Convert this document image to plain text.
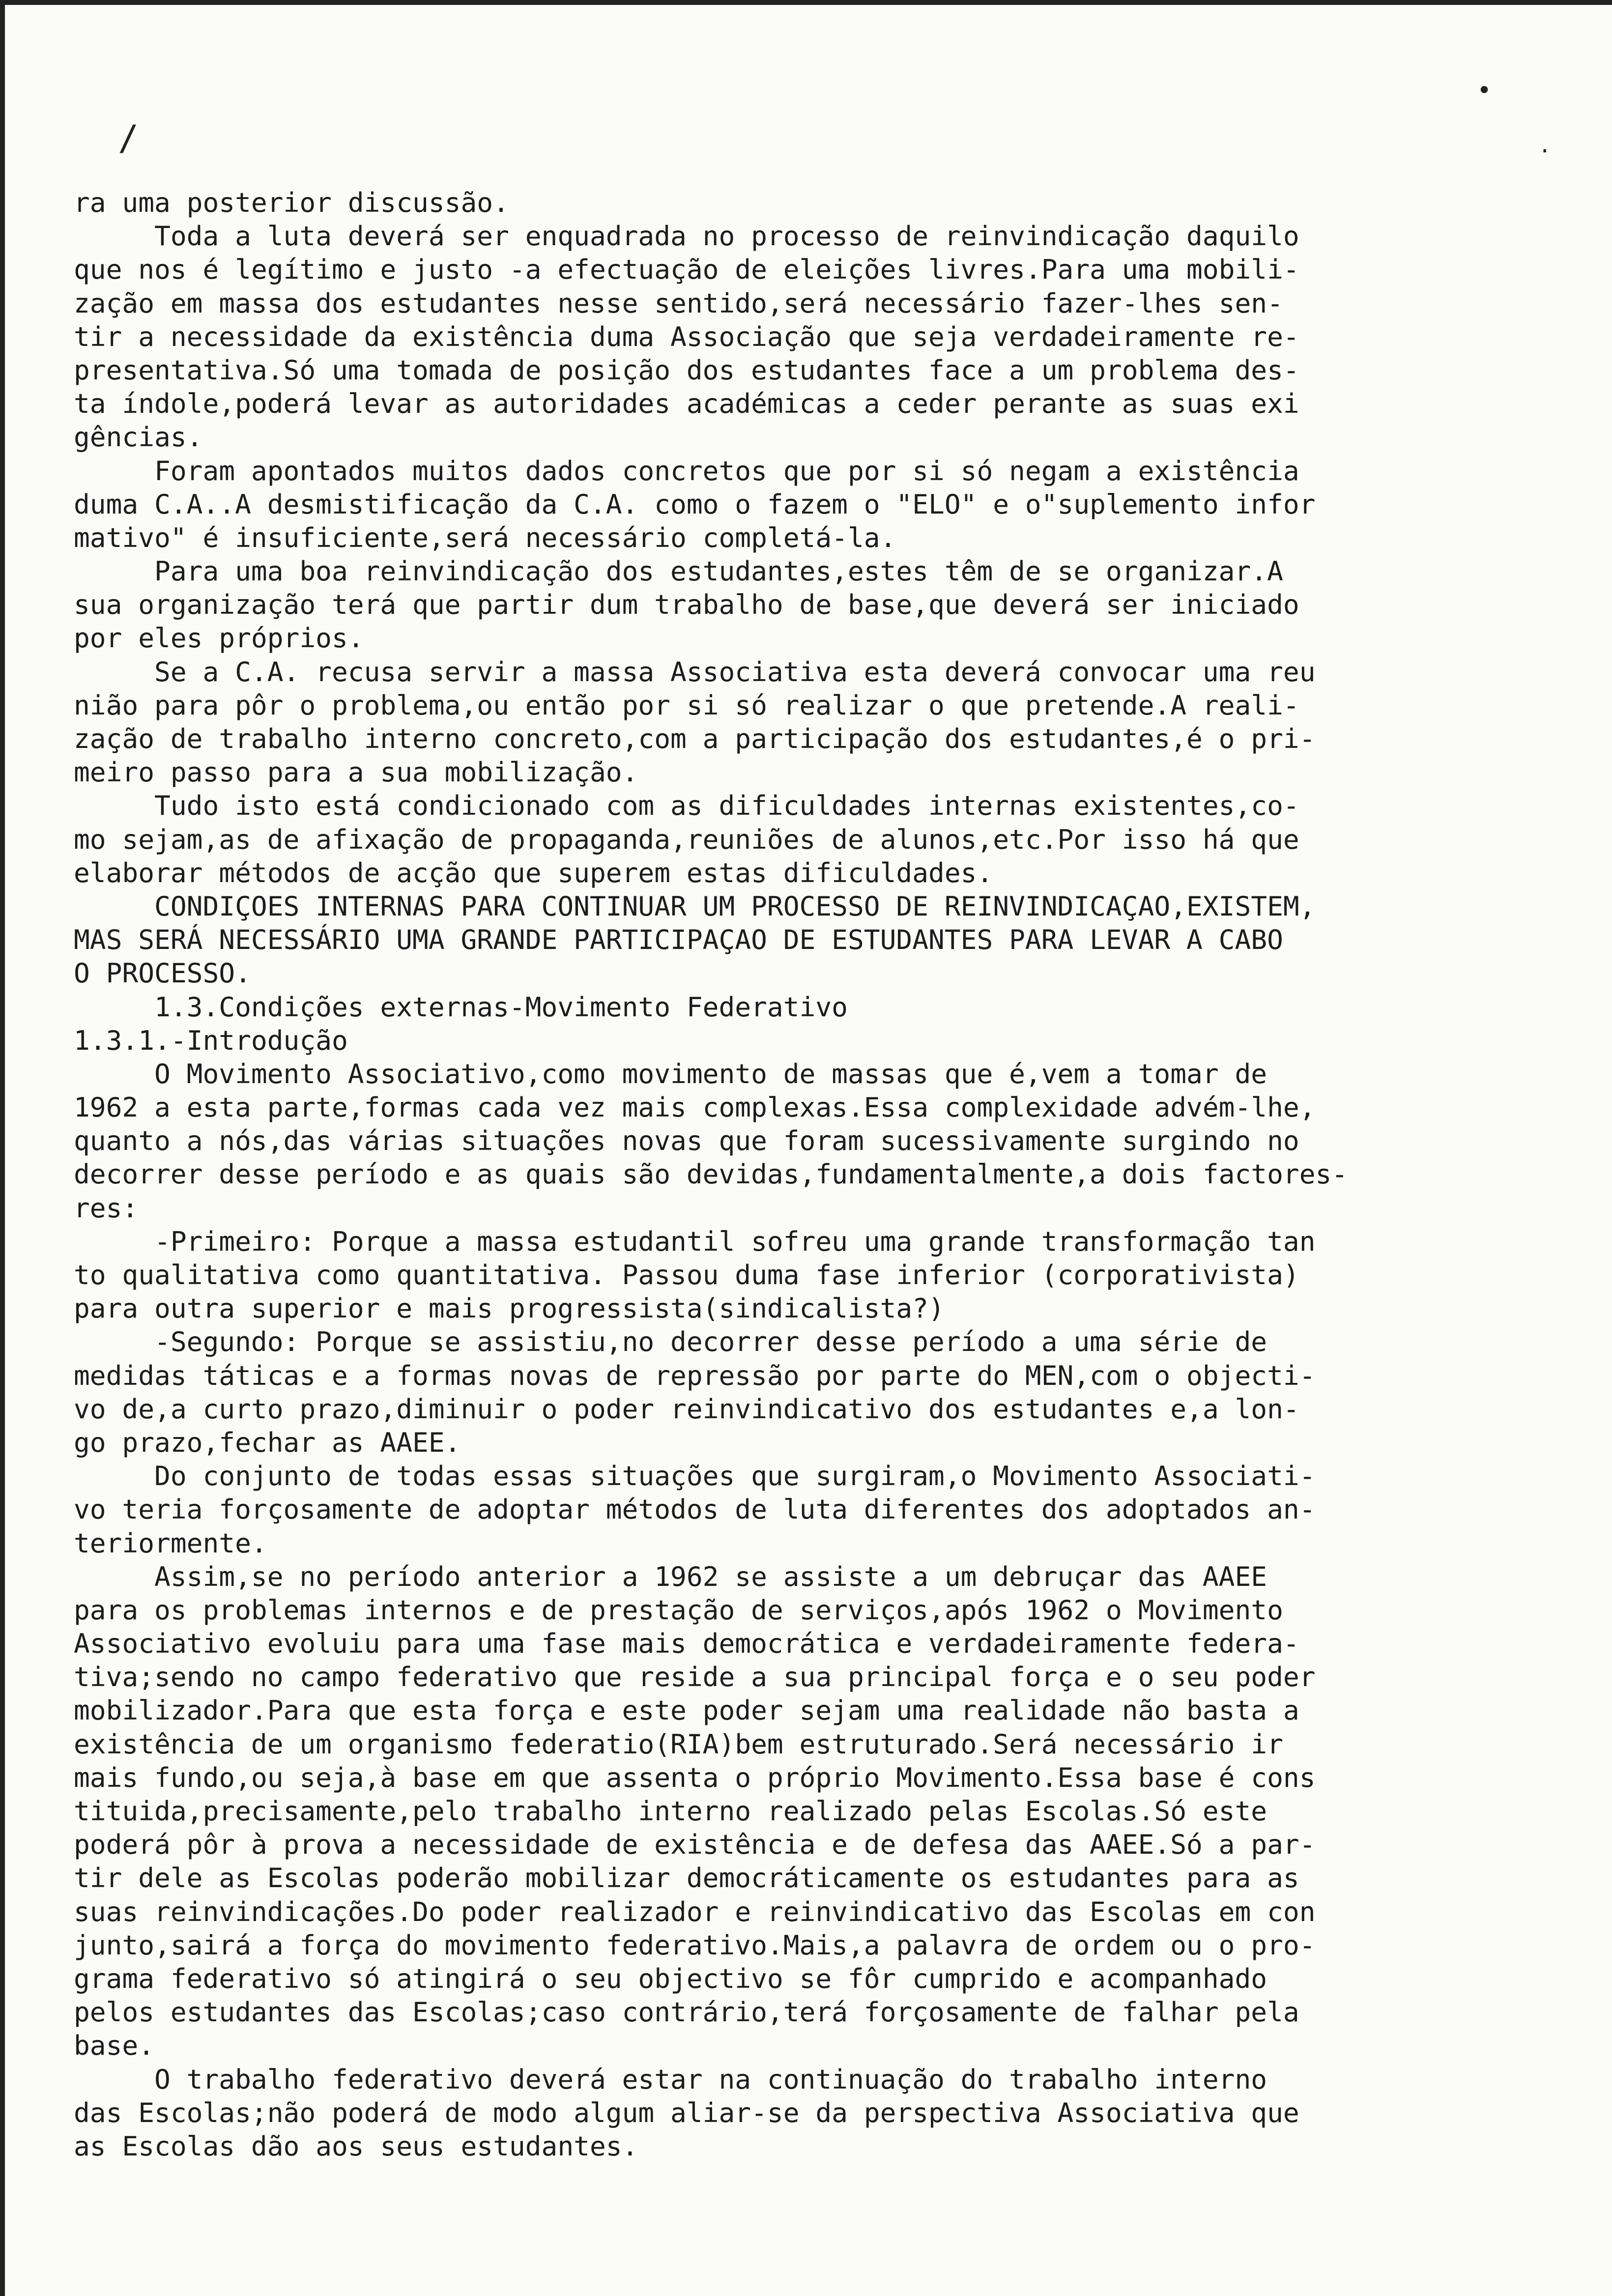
/
•
.
ra uma posterior discussão.
Toda a luta deverá ser enquadrada no processo de reinvindicação daquilo
que nos é legítimo e justo -a efectuação de eleições livres.Para uma mobili-
zação em massa dos estudantes nesse sentido,será necessário fazer-lhes sen-
tir a necessidade da existência duma Associação que seja verdadeiramente re-
presentativa.Só uma tomada de posição dos estudantes face a um problema des-
ta índole,poderá levar as autoridades académicas a ceder perante as suas exi
gências.
Foram apontados muitos dados concretos que por si só negam a existência
duma C.A..A desmistificação da C.A. como o fazem o "ELO" e o"suplemento infor
mativo" é insuficiente,será necessário completá-la.
Para uma boa reinvindicação dos estudantes,estes têm de se organizar.A
sua organização terá que partir dum trabalho de base,que deverá ser iniciado
por eles próprios.
Se a C.A. recusa servir a massa Associativa esta deverá convocar uma reu
nião para pôr o problema,ou então por si só realizar o que pretende.A reali-
zação de trabalho interno concreto,com a participação dos estudantes,é o pri-
meiro passo para a sua mobilização.
Tudo isto está condicionado com as dificuldades internas existentes,co-
mo sejam,as de afixação de propaganda,reuniões de alunos,etc.Por isso há que
elaborar métodos de acção que superem estas dificuldades.
CONDIÇOES INTERNAS PARA CONTINUAR UM PROCESSO DE REINVINDICAÇAO,EXISTEM,
MAS SERÁ NECESSÁRIO UMA GRANDE PARTICIPAÇAO DE ESTUDANTES PARA LEVAR A CABO
O PROCESSO.
1.3.Condições externas-Movimento Federativo
1.3.1.-Introdução
O Movimento Associativo,como movimento de massas que é,vem a tomar de
1962 a esta parte,formas cada vez mais complexas.Essa complexidade advém-lhe,
quanto a nós,das várias situações novas que foram sucessivamente surgindo no
decorrer desse período e as quais são devidas,fundamentalmente,a dois factores-
res:
-Primeiro: Porque a massa estudantil sofreu uma grande transformação tan
to qualitativa como quantitativa. Passou duma fase inferior (corporativista)
para outra superior e mais progressista(sindicalista?)
-Segundo: Porque se assistiu,no decorrer desse período a uma série de
medidas táticas e a formas novas de repressão por parte do MEN,com o objecti-
vo de,a curto prazo,diminuir o poder reinvindicativo dos estudantes e,a lon-
go prazo,fechar as AAEE.
Do conjunto de todas essas situações que surgiram,o Movimento Associati-
vo teria forçosamente de adoptar métodos de luta diferentes dos adoptados an-
teriormente.
Assim,se no período anterior a 1962 se assiste a um debruçar das AAEE
para os problemas internos e de prestação de serviços,após 1962 o Movimento
Associativo evoluiu para uma fase mais democrática e verdadeiramente federa-
tiva;sendo no campo federativo que reside a sua principal força e o seu poder
mobilizador.Para que esta força e este poder sejam uma realidade não basta a
existência de um organismo federatio(RIA)bem estruturado.Será necessário ir
mais fundo,ou seja,à base em que assenta o próprio Movimento.Essa base é cons
tituida,precisamente,pelo trabalho interno realizado pelas Escolas.Só este
poderá pôr à prova a necessidade de existência e de defesa das AAEE.Só a par-
tir dele as Escolas poderão mobilizar democráticamente os estudantes para as
suas reinvindicações.Do poder realizador e reinvindicativo das Escolas em con
junto,sairá a força do movimento federativo.Mais,a palavra de ordem ou o pro-
grama federativo só atingirá o seu objectivo se fôr cumprido e acompanhado
pelos estudantes das Escolas;caso contrário,terá forçosamente de falhar pela
base.
O trabalho federativo deverá estar na continuação do trabalho interno
das Escolas;não poderá de modo algum aliar-se da perspectiva Associativa que
as Escolas dão aos seus estudantes.
